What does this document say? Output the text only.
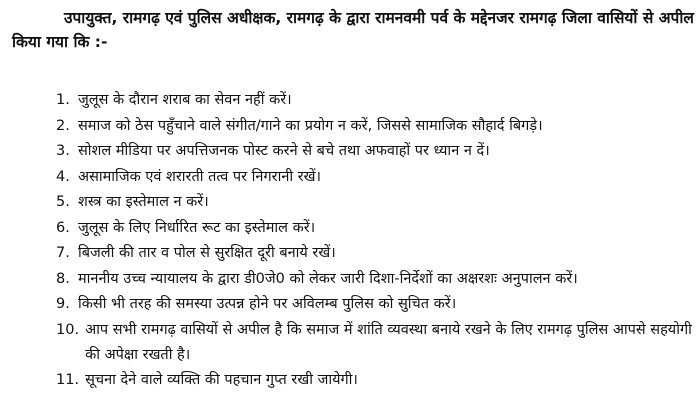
उपायुक्त, रामगढ़ एवं पुलिस अधीक्षक, रामगढ़ के द्वारा रामनवमी पर्व के मद्देनजर रामगढ़ जिला वासियों से अपील किया गया कि :-

1. जुलूस के दौरान शराब का सेवन नहीं करें।
2. समाज को ठेस पहुँचाने वाले संगीत/गाने का प्रयोग न करें, जिससे सामाजिक सौहार्द बिगड़े।
3. सोशल मीडिया पर अपत्तिजनक पोस्ट करने से बचे तथा अफवाहों पर ध्यान न दें।
4. असामाजिक एवं शरारती तत्व पर निगरानी रखें।
5. शस्त्र का इस्तेमाल न करें।
6. जुलूस के लिए निर्धारित रूट का इस्तेमाल करें।
7. बिजली की तार व पोल से सुरक्षित दूरी बनाये रखें।
8. माननीय उच्च न्यायालय के द्वारा डी0जे0 को लेकर जारी दिशा-निर्देशों का अक्षरशः अनुपालन करें।
9. किसी भी तरह की समस्या उत्पन्न होने पर अविलम्ब पुलिस को सुचित करें।
10. आप सभी रामगढ़ वासियों से अपील है कि समाज में शांति व्यवस्था बनाये रखने के लिए रामगढ़ पुलिस आपसे सहयोगी की अपेक्षा रखती है।
11. सूचना देने वाले व्यक्ति की पहचान गुप्त रखी जायेगी।
